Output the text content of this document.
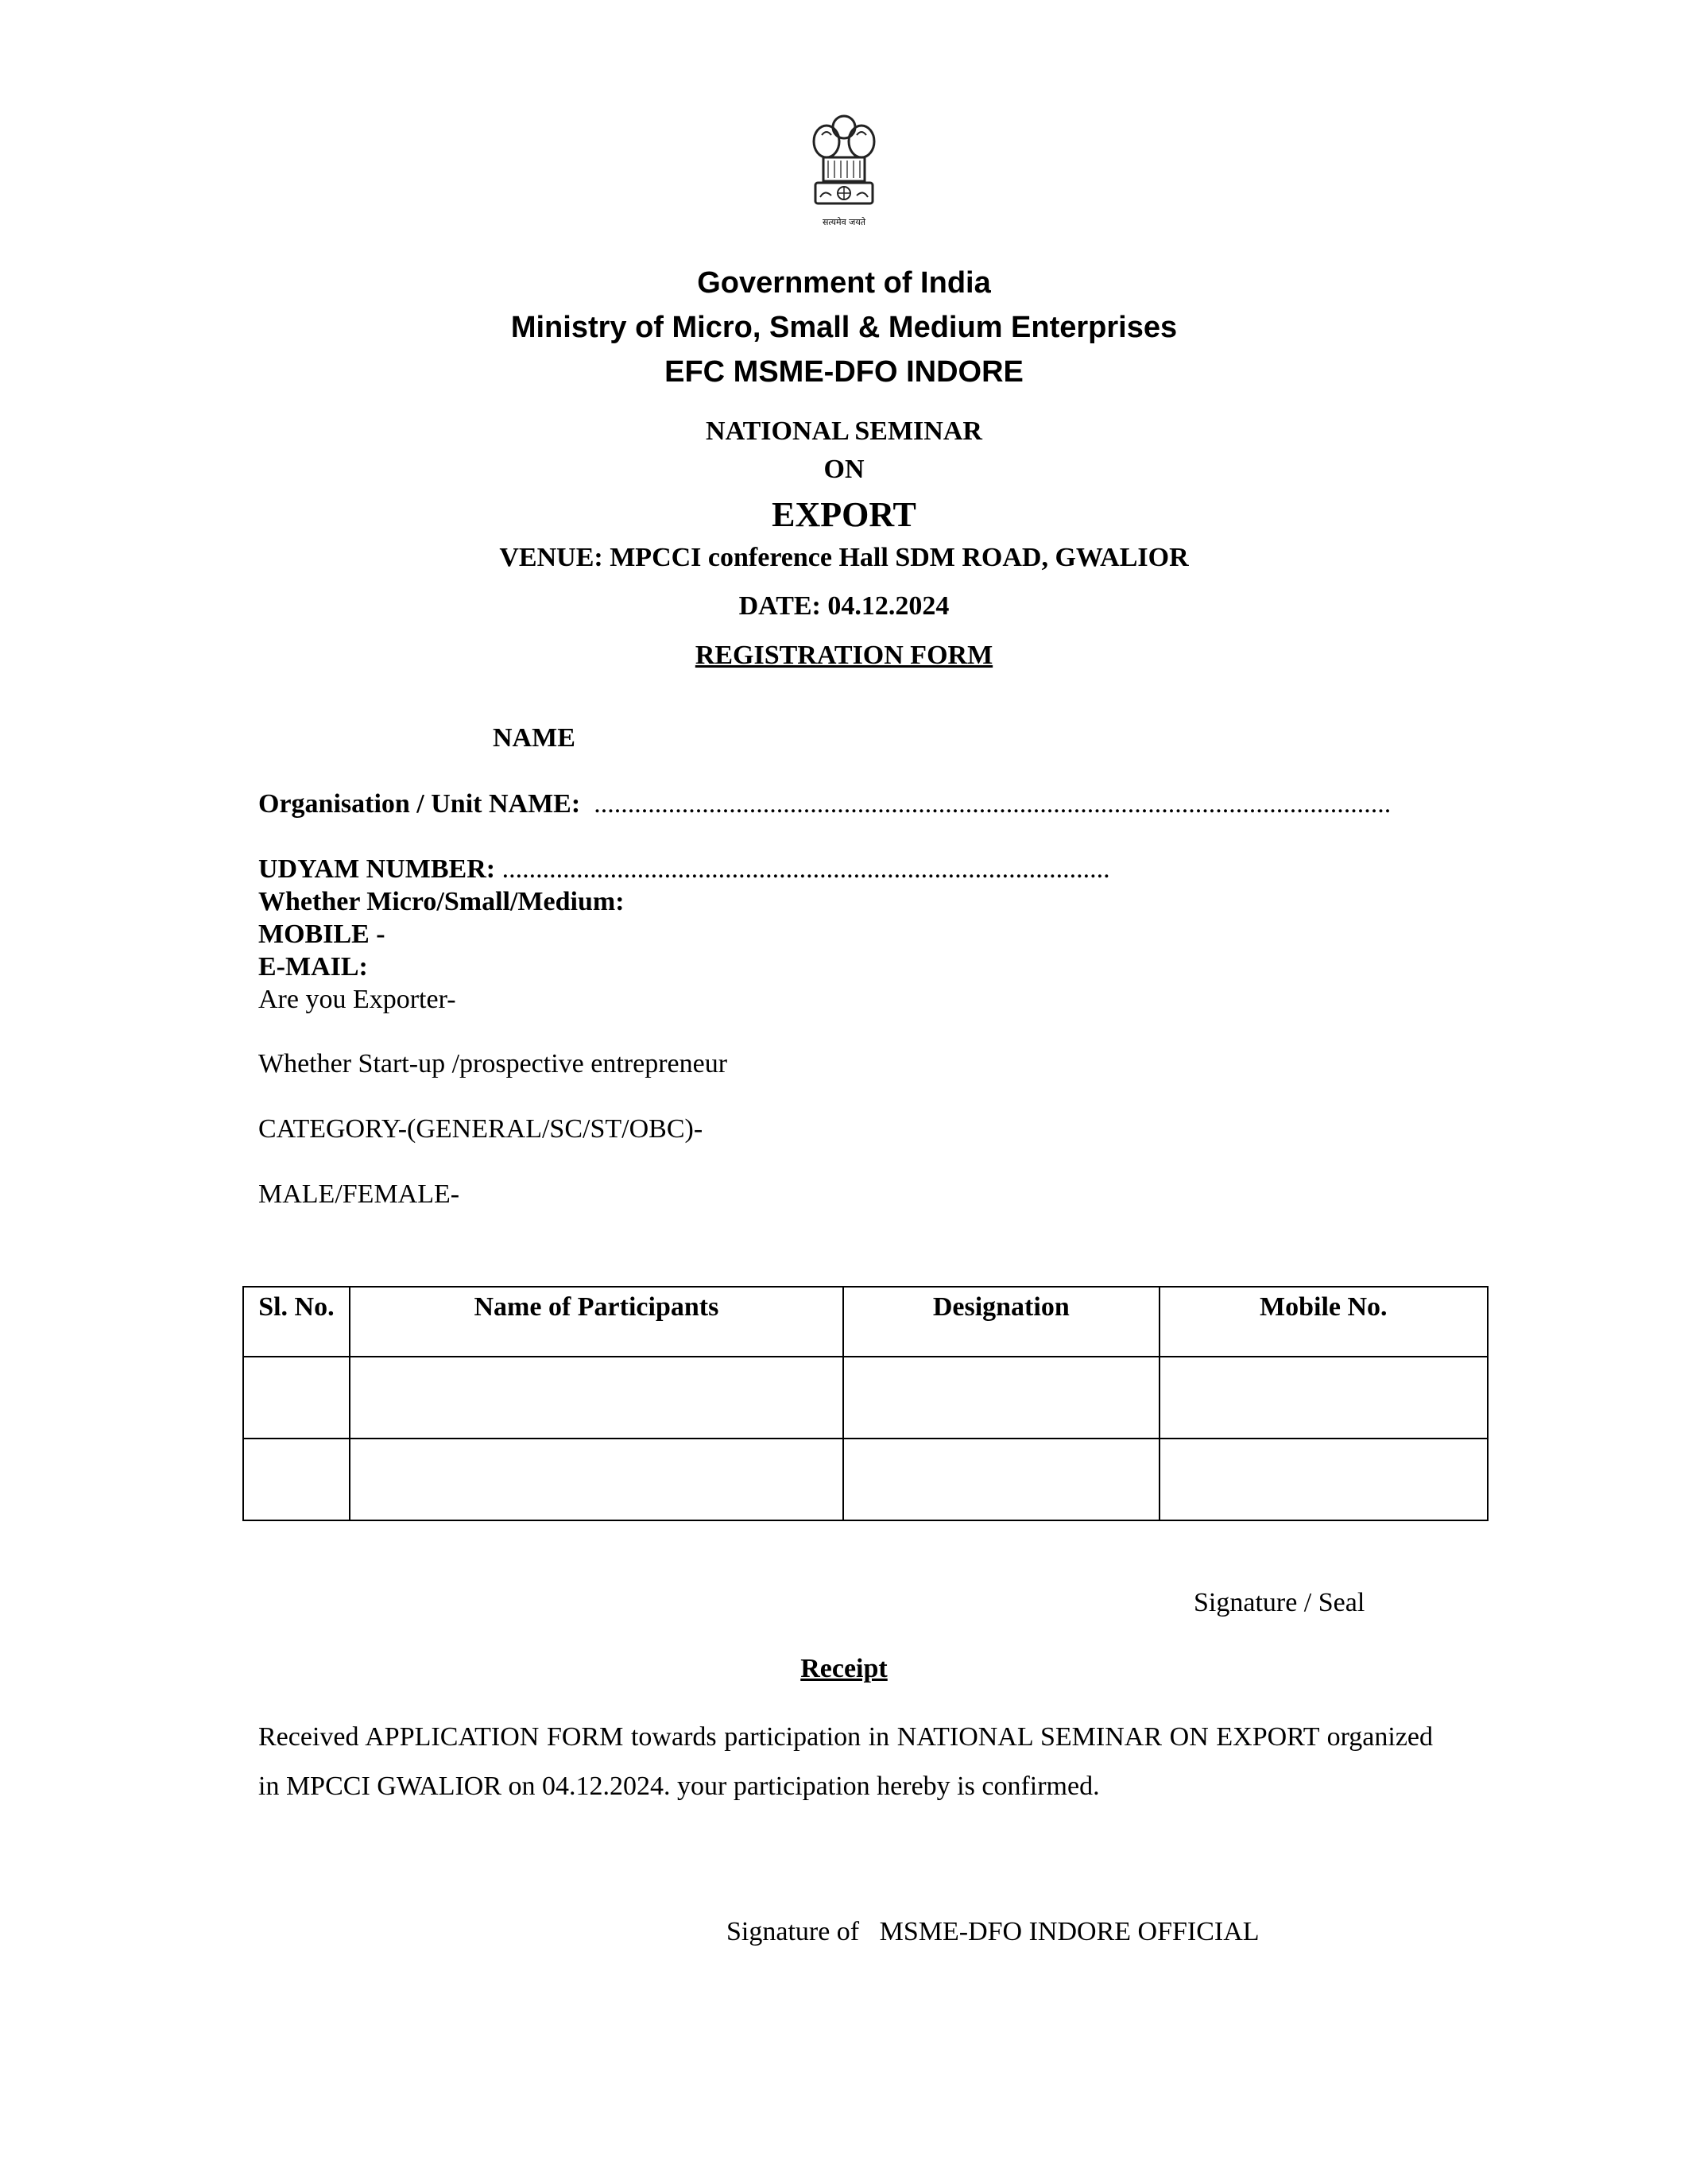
सत्यमेव जयते
Government of India
Ministry of Micro, Small & Medium Enterprises
EFC MSME-DFO INDORE
NATIONAL SEMINAR
ON
EXPORT
VENUE: MPCCI conference Hall SDM ROAD, GWALIOR
DATE: 04.12.2024
REGISTRATION FORM
NAME
Organisation / Unit NAME: ......................................................................................................................
UDYAM NUMBER: ..........................................................................................
Whether Micro/Small/Medium:
MOBILE -
E-MAIL:
Are you Exporter-
Whether Start-up /prospective entrepreneur
CATEGORY-(GENERAL/SC/ST/OBC)-
MALE/FEMALE-
Sl. No.	Name of Participants	Designation	Mobile No.

Signature / Seal
Receipt
Received APPLICATION FORM towards participation in NATIONAL SEMINAR ON EXPORT organized in MPCCI GWALIOR on 04.12.2024. your participation hereby is confirmed.
Signature of   MSME-DFO INDORE OFFICIAL
